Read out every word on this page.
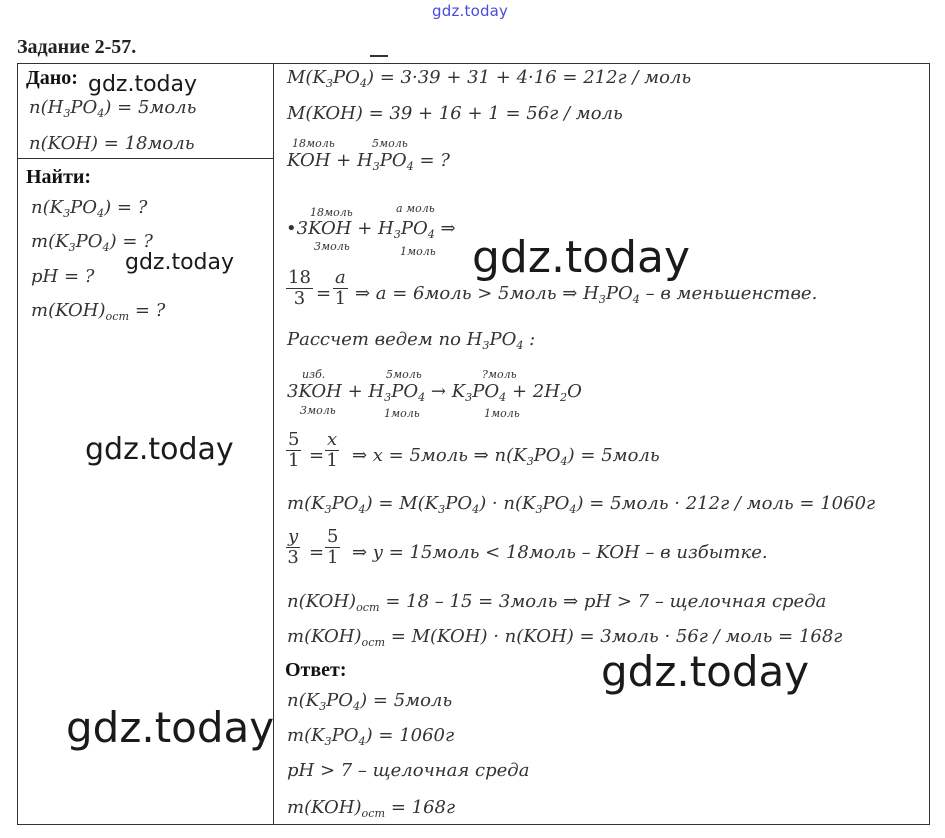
gdz.today
Задание 2-57.
Дано: gdz.today
$n(H_3PO_4)$ = 5моль
n(KOH) = 18моль
Найти:
$n(K_3PO_4)$ = ?
$m(K_3PO_4)$ = ?
gdz.today
pH = ?
$m(KOH)_{ост}$ = ?
gdz.today
gdz.today
$M(K_3PO_4) = 3\cdot 39 + 31 + 4\cdot 16 = 212г$ / моль
M(KOH) = 39 + 16 + 1 = 56г / моль
18моль	5моль
KOH + $H_3PO_4$ = ?
18моль	a моль
•3KOH + $H_3PO_4$ ⇒
3моль	1моль gdz.today
$\frac{18}{3} = \frac{a}{1}$ ⇒ a = 6моль > 5моль ⇒ $H_3PO_4$ – в меньшенстве.
Рассчет ведем по $H_3PO_4$ :
изб.	5моль	?моль
$3KOH + H_3PO_4 \to K_3PO_4 + 2H_2O$
3моль	1моль	1моль
$\frac{5}{1} = \frac{x}{1}$ ⇒ x = 5моль ⇒ $n(K_3PO_4)$ = 5моль
$m(K_3PO_4) = M(K_3PO_4) \cdot n(K_3PO_4)$ = 5моль · 212г / моль = 1060г
$\frac{y}{3} = \frac{5}{1}$ ⇒ y = 15моль < 18моль – KOH – в избытке.
$n(KOH)_{ост} = 18 - 15$ = 3моль ⇒ pH > 7 – щелочная среда
$m(KOH)_{ост} = M(KOH) \cdot n(KOH)$ = 3моль · 56г / моль = 168г
gdz.today
Ответ:
$n(K_3PO_4)$ = 5моль
$m(K_3PO_4) = 1060г$
pH > 7 – щелочная среда
$m(KOH)_{ост} = 168г$
